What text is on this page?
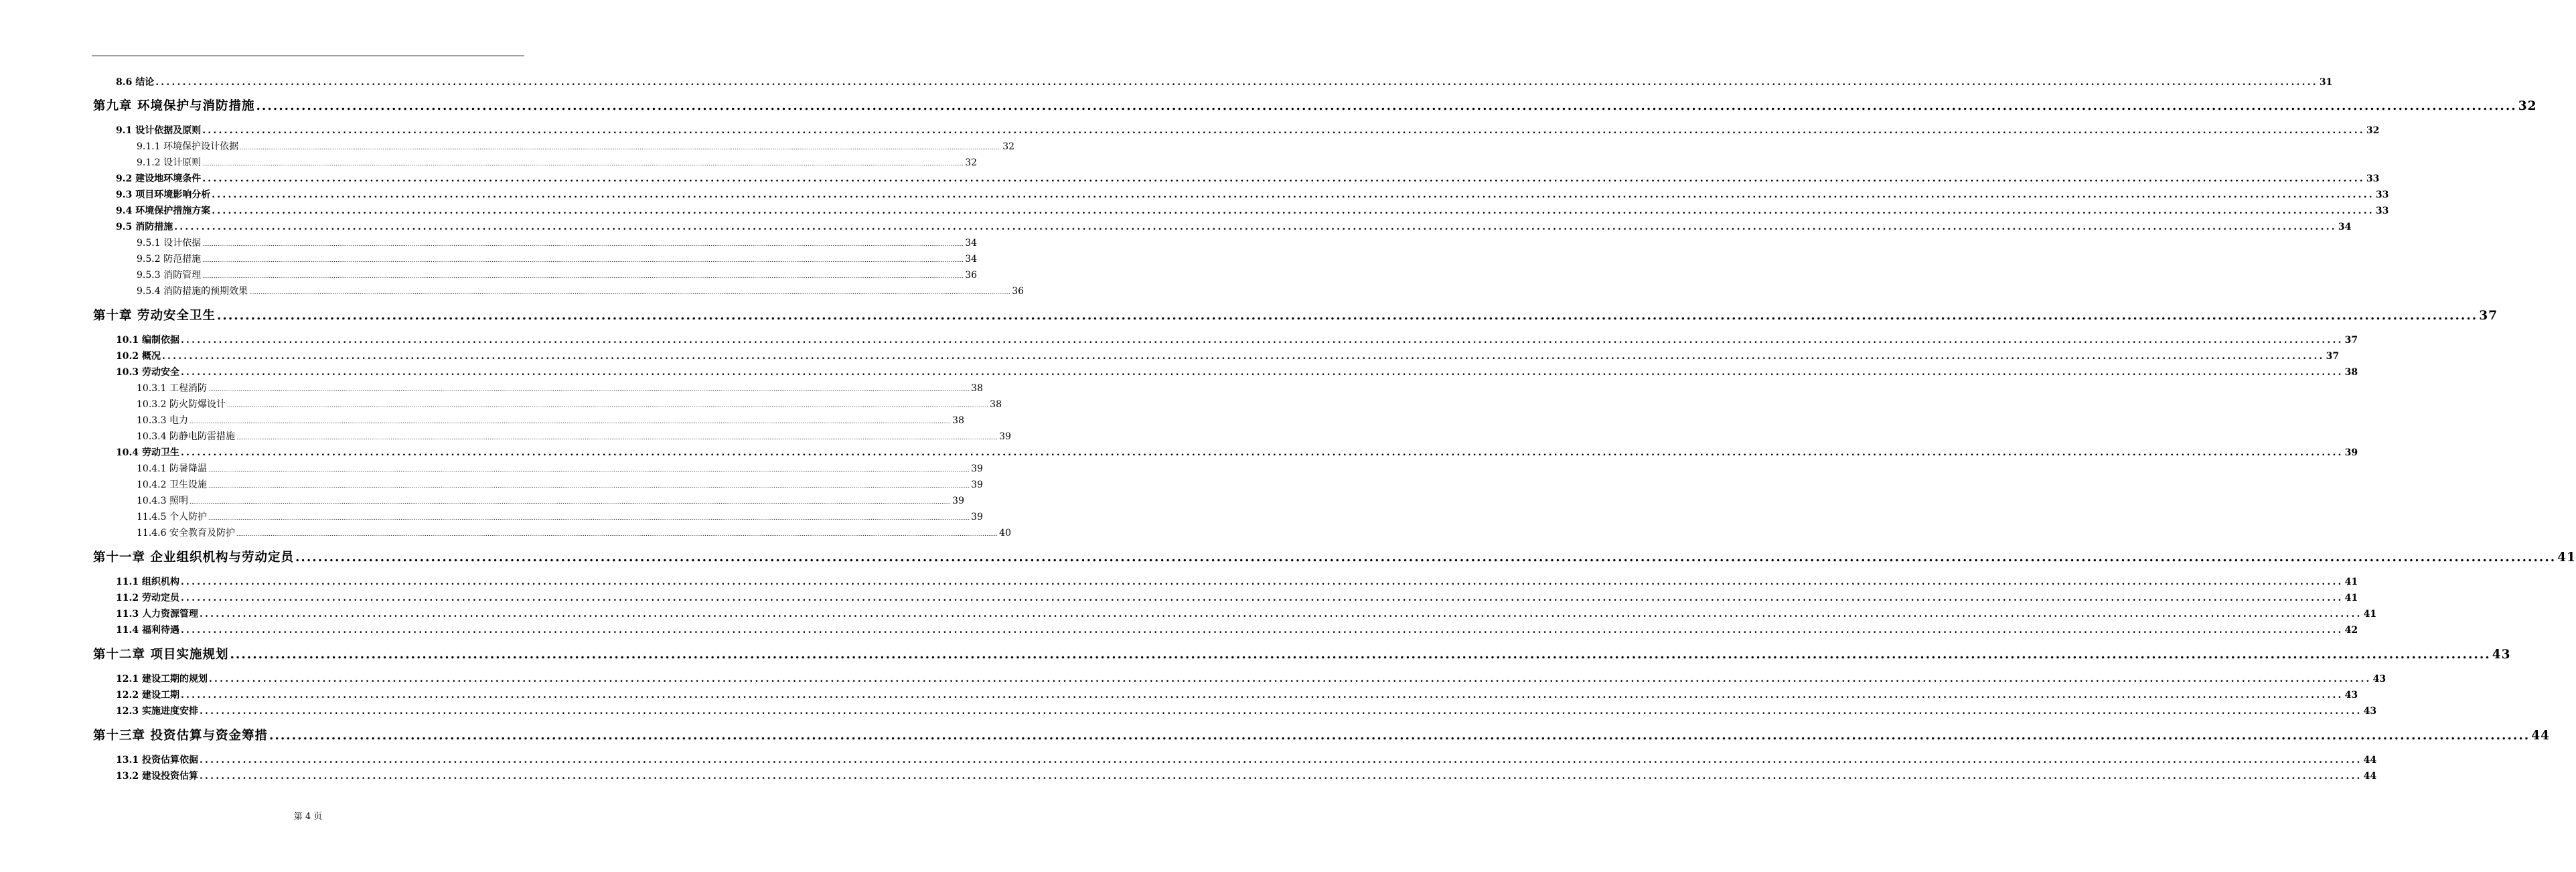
8.6 结论 ................................................................................................................................................................................................................................................................................................................................................................................................................ 31
第九章 环境保护与消防措施 ................................................................................................................................................................................................................................................................................................................................................................................................................ 32
9.1 设计依据及原则 ................................................................................................................................................................................................................................................................................................................................................................................................................ 32
9.1.1 环境保护设计依据 ................................................................................................................................................................................................................................................................................................................................................................................................................ 32
9.1.2 设计原则 ................................................................................................................................................................................................................................................................................................................................................................................................................ 32
9.2 建设地环境条件 ................................................................................................................................................................................................................................................................................................................................................................................................................ 33
9.3 项目环境影响分析 ................................................................................................................................................................................................................................................................................................................................................................................................................ 33
9.4 环境保护措施方案 ................................................................................................................................................................................................................................................................................................................................................................................................................ 33
9.5 消防措施 ................................................................................................................................................................................................................................................................................................................................................................................................................ 34
9.5.1 设计依据 ................................................................................................................................................................................................................................................................................................................................................................................................................ 34
9.5.2 防范措施 ................................................................................................................................................................................................................................................................................................................................................................................................................ 34
9.5.3 消防管理 ................................................................................................................................................................................................................................................................................................................................................................................................................ 36
9.5.4 消防措施的预期效果 ................................................................................................................................................................................................................................................................................................................................................................................................................ 36
第十章 劳动安全卫生 ................................................................................................................................................................................................................................................................................................................................................................................................................ 37
10.1 编制依据 ................................................................................................................................................................................................................................................................................................................................................................................................................ 37
10.2 概况 ................................................................................................................................................................................................................................................................................................................................................................................................................ 37
10.3 劳动安全 ................................................................................................................................................................................................................................................................................................................................................................................................................ 38
10.3.1 工程消防 ................................................................................................................................................................................................................................................................................................................................................................................................................ 38
10.3.2 防火防爆设计 ................................................................................................................................................................................................................................................................................................................................................................................................................ 38
10.3.3 电力 ................................................................................................................................................................................................................................................................................................................................................................................................................ 38
10.3.4 防静电防雷措施 ................................................................................................................................................................................................................................................................................................................................................................................................................ 39
10.4 劳动卫生 ................................................................................................................................................................................................................................................................................................................................................................................................................ 39
10.4.1 防暑降温 ................................................................................................................................................................................................................................................................................................................................................................................................................ 39
10.4.2 卫生设施 ................................................................................................................................................................................................................................................................................................................................................................................................................ 39
10.4.3 照明 ................................................................................................................................................................................................................................................................................................................................................................................................................ 39
11.4.5 个人防护 ................................................................................................................................................................................................................................................................................................................................................................................................................ 39
11.4.6 安全教育及防护 ................................................................................................................................................................................................................................................................................................................................................................................................................ 40
第十一章 企业组织机构与劳动定员 ................................................................................................................................................................................................................................................................................................................................................................................................................ 41
11.1 组织机构 ................................................................................................................................................................................................................................................................................................................................................................................................................ 41
11.2 劳动定员 ................................................................................................................................................................................................................................................................................................................................................................................................................ 41
11.3 人力资源管理 ................................................................................................................................................................................................................................................................................................................................................................................................................ 41
11.4 福利待遇 ................................................................................................................................................................................................................................................................................................................................................................................................................ 42
第十二章 项目实施规划 ................................................................................................................................................................................................................................................................................................................................................................................................................ 43
12.1 建设工期的规划 ................................................................................................................................................................................................................................................................................................................................................................................................................ 43
12.2 建设工期 ................................................................................................................................................................................................................................................................................................................................................................................................................ 43
12.3 实施进度安排 ................................................................................................................................................................................................................................................................................................................................................................................................................ 43
第十三章 投资估算与资金筹措 ................................................................................................................................................................................................................................................................................................................................................................................................................ 44
13.1 投资估算依据 ................................................................................................................................................................................................................................................................................................................................................................................................................ 44
13.2 建设投资估算 ................................................................................................................................................................................................................................................................................................................................................................................................................ 44
第 4 页
